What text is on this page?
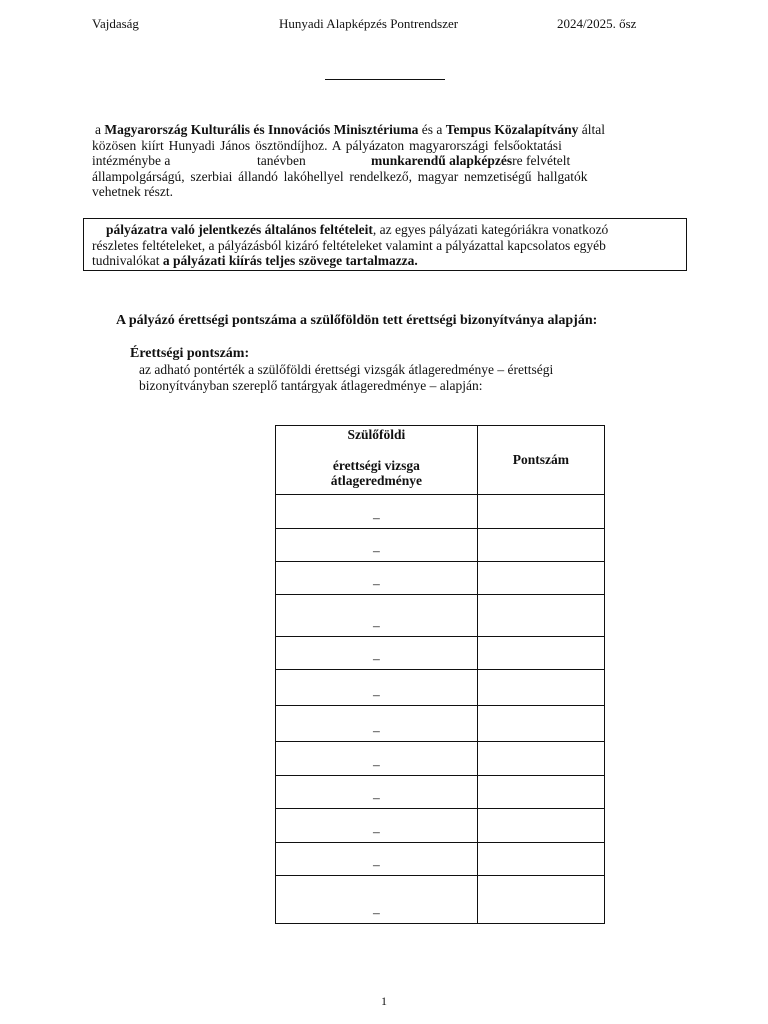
Vajdaság	Hunyadi Alapképzés Pontrendszer	2024/2025. ősz
a Magyarország Kulturális és Innovációs Minisztériuma és a Tempus Közalapítvány által
közösen kiírt Hunyadi János ösztöndíjhoz. A pályázaton magyarországi felsőoktatási
intézménybe a	tanévben	munkarendű alapképzésre felvételt
állampolgárságú, szerbiai állandó lakóhellyel rendelkező, magyar nemzetiségű hallgatók
vehetnek részt.
pályázatra való jelentkezés általános feltételeit, az egyes pályázati kategóriákra vonatkozó
részletes feltételeket, a pályázásból kizáró feltételeket valamint a pályázattal kapcsolatos egyéb
tudnivalókat a pályázati kiírás teljes szövege tartalmazza.
A pályázó érettségi pontszáma a szülőföldön tett érettségi bizonyítványa alapján:
Érettségi pontszám:
az adható pontérték a szülőföldi érettségi vizsgák átlageredménye – érettségi
bizonyítványban szereplő tantárgyak átlageredménye – alapján:
Szülőföldi
érettségi vizsga
átlageredménye	Pontszám
–	
–	
–	
–	
–	
–	
–	
–	
–	
–	
–	
–	
1
